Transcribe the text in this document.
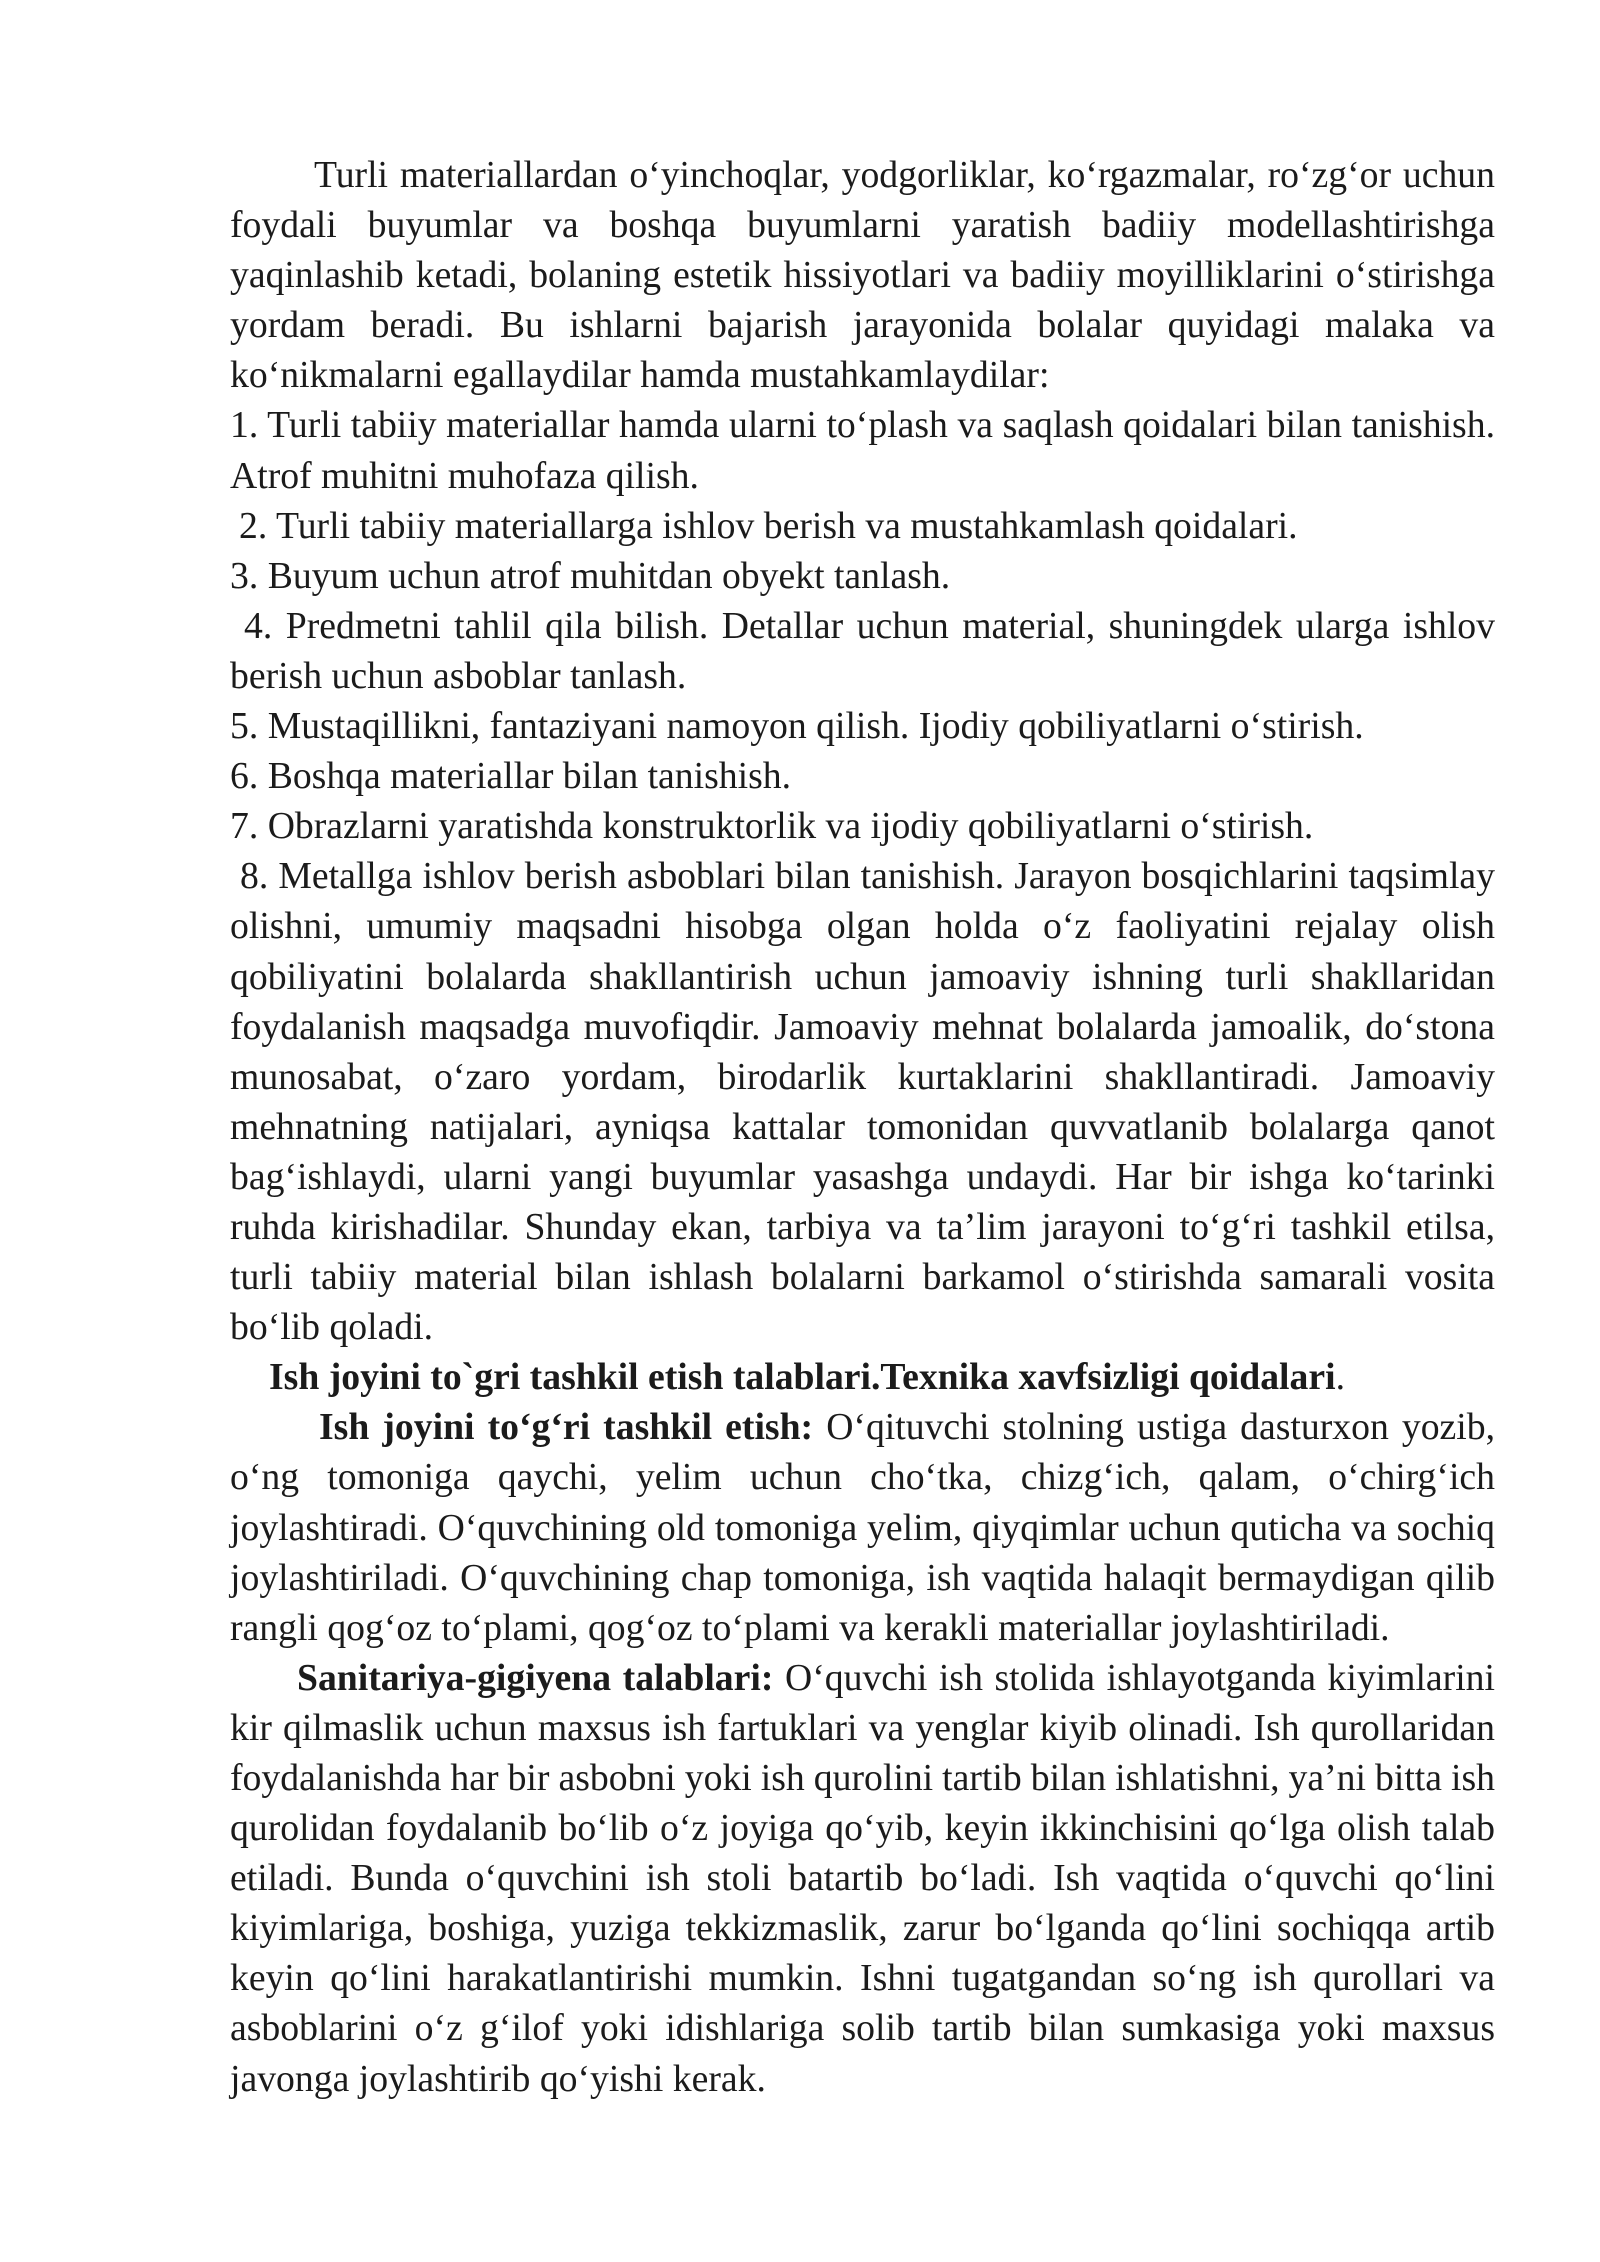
Turli materiallardan o‘yinchoqlar, yodgorliklar, ko‘rgazmalar, ro‘zg‘or uchun
foydali buyumlar va boshqa buyumlarni yaratish badiiy modellashtirishga
yaqinlashib ketadi, bolaning estetik hissiyotlari va badiiy moyilliklarini o‘stirishga
yordam beradi. Bu ishlarni bajarish jarayonida bolalar quyidagi malaka va
ko‘nikmalarni egallaydilar hamda mustahkamlaydilar:
1. Turli tabiiy materiallar hamda ularni to‘plash va saqlash qoidalari bilan tanishish.
Atrof muhitni muhofaza qilish.
2. Turli tabiiy materiallarga ishlov berish va mustahkamlash qoidalari.
3. Buyum uchun atrof muhitdan obyekt tanlash.
4. Predmetni tahlil qila bilish. Detallar uchun material, shuningdek ularga ishlov
berish uchun asboblar tanlash.
5. Mustaqillikni, fantaziyani namoyon qilish. Ijodiy qobiliyatlarni o‘stirish.
6. Boshqa materiallar bilan tanishish.
7. Obrazlarni yaratishda konstruktorlik va ijodiy qobiliyatlarni o‘stirish.
8. Metallga ishlov berish asboblari bilan tanishish. Jarayon bosqichlarini taqsimlay
olishni, umumiy maqsadni hisobga olgan holda o‘z faoliyatini rejalay olish
qobiliyatini bolalarda shakllantirish uchun jamoaviy ishning turli shakllaridan
foydalanish maqsadga muvofiqdir. Jamoaviy mehnat bolalarda jamoalik, do‘stona
munosabat, o‘zaro yordam, birodarlik kurtaklarini shakllantiradi. Jamoaviy
mehnatning natijalari, ayniqsa kattalar tomonidan quvvatlanib bolalarga qanot
bag‘ishlaydi, ularni yangi buyumlar yasashga undaydi. Har bir ishga ko‘tarinki
ruhda kirishadilar. Shunday ekan, tarbiya va ta’lim jarayoni to‘g‘ri tashkil etilsa,
turli tabiiy material bilan ishlash bolalarni barkamol o‘stirishda samarali vosita
bo‘lib qoladi.
Ish joyini to`gri tashkil etish talablari.Texnika xavfsizligi qoidalari.
Ish joyini to‘g‘ri tashkil etish: O‘qituvchi stolning ustiga dasturxon yozib,
o‘ng tomoniga qaychi, yelim uchun cho‘tka, chizg‘ich, qalam, o‘chirg‘ich
joylashtiradi. O‘quvchining old tomoniga yelim, qiyqimlar uchun quticha va sochiq
joylashtiriladi. O‘quvchining chap tomoniga, ish vaqtida halaqit bermaydigan qilib
rangli qog‘oz to‘plami, qog‘oz to‘plami va kerakli materiallar joylashtiriladi.
Sanitariya-gigiyena talablari: O‘quvchi ish stolida ishlayotganda kiyimlarini
kir qilmaslik uchun maxsus ish fartuklari va yenglar kiyib olinadi. Ish qurollaridan
foydalanishda har bir asbobni yoki ish qurolini tartib bilan ishlatishni, ya’ni bitta ish
qurolidan foydalanib bo‘lib o‘z joyiga qo‘yib, keyin ikkinchisini qo‘lga olish talab
etiladi. Bunda o‘quvchini ish stoli batartib bo‘ladi. Ish vaqtida o‘quvchi qo‘lini
kiyimlariga, boshiga, yuziga tekkizmaslik, zarur bo‘lganda qo‘lini sochiqqa artib
keyin qo‘lini harakatlantirishi mumkin. Ishni tugatgandan so‘ng ish qurollari va
asboblarini o‘z g‘ilof yoki idishlariga solib tartib bilan sumkasiga yoki maxsus
javonga joylashtirib qo‘yishi kerak.
